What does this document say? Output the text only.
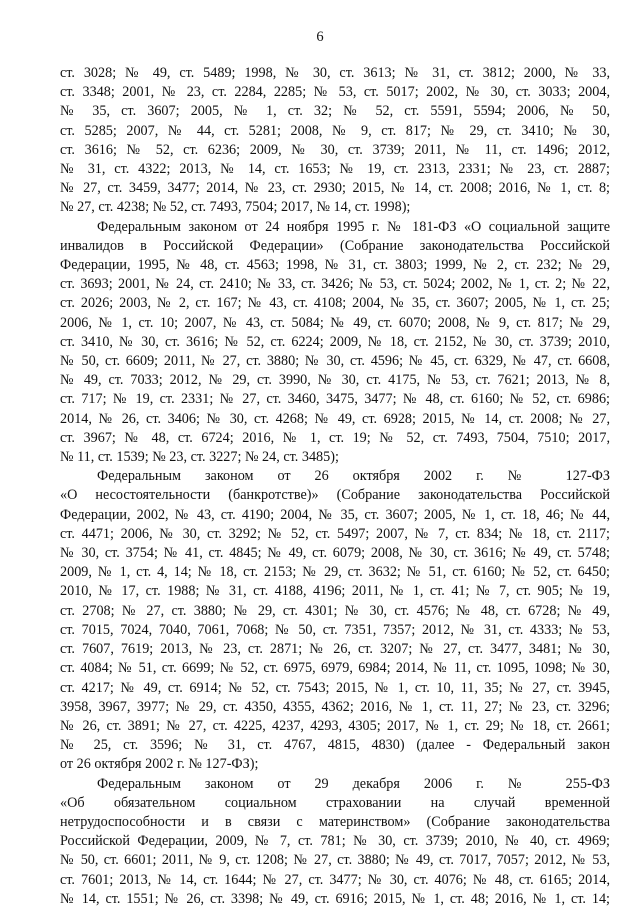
6
ст. 3028; № 49, ст. 5489; 1998, № 30, ст. 3613; № 31, ст. 3812; 2000, № 33,
ст. 3348; 2001, № 23, ст. 2284, 2285; № 53, ст. 5017; 2002, № 30, ст. 3033; 2004,
№ 35, ст. 3607; 2005, № 1, ст. 32; № 52, ст. 5591, 5594; 2006, № 50,
ст. 5285; 2007, № 44, ст. 5281; 2008, № 9, ст. 817; № 29, ст. 3410; № 30,
ст. 3616; № 52, ст. 6236; 2009, № 30, ст. 3739; 2011, № 11, ст. 1496; 2012,
№ 31, ст. 4322; 2013, № 14, ст. 1653; № 19, ст. 2313, 2331; № 23, ст. 2887;
№ 27, ст. 3459, 3477; 2014, № 23, ст. 2930; 2015, № 14, ст. 2008; 2016, № 1, ст. 8;
№ 27, ст. 4238; № 52, ст. 7493, 7504; 2017, № 14, ст. 1998);
Федеральным законом от 24 ноября 1995 г. № 181-ФЗ «О социальной защите
инвалидов в Российской Федерации» (Собрание законодательства Российской
Федерации, 1995, № 48, ст. 4563; 1998, № 31, ст. 3803; 1999, № 2, ст. 232; № 29,
ст. 3693; 2001, № 24, ст. 2410; № 33, ст. 3426; № 53, ст. 5024; 2002, № 1, ст. 2; № 22,
ст. 2026; 2003, № 2, ст. 167; № 43, ст. 4108; 2004, № 35, ст. 3607; 2005, № 1, ст. 25;
2006, № 1, ст. 10; 2007, № 43, ст. 5084; № 49, ст. 6070; 2008, № 9, ст. 817; № 29,
ст. 3410, № 30, ст. 3616; № 52, ст. 6224; 2009, № 18, ст. 2152, № 30, ст. 3739; 2010,
№ 50, ст. 6609; 2011, № 27, ст. 3880; № 30, ст. 4596; № 45, ст. 6329, № 47, ст. 6608,
№ 49, ст. 7033; 2012, № 29, ст. 3990, № 30, ст. 4175, № 53, ст. 7621; 2013, № 8,
ст. 717; № 19, ст. 2331; № 27, ст. 3460, 3475, 3477; № 48, ст. 6160; № 52, ст. 6986;
2014, № 26, ст. 3406; № 30, ст. 4268; № 49, ст. 6928; 2015, № 14, ст. 2008; № 27,
ст. 3967; № 48, ст. 6724; 2016, № 1, ст. 19; № 52, ст. 7493, 7504, 7510; 2017,
№ 11, ст. 1539; № 23, ст. 3227; № 24, ст. 3485);
Федеральным законом от 26 октября 2002 г. № 127-ФЗ
«О несостоятельности (банкротстве)» (Собрание законодательства Российской
Федерации, 2002, № 43, ст. 4190; 2004, № 35, ст. 3607; 2005, № 1, ст. 18, 46; № 44,
ст. 4471; 2006, № 30, ст. 3292; № 52, ст. 5497; 2007, № 7, ст. 834; № 18, ст. 2117;
№ 30, ст. 3754; № 41, ст. 4845; № 49, ст. 6079; 2008, № 30, ст. 3616; № 49, ст. 5748;
2009, № 1, ст. 4, 14; № 18, ст. 2153; № 29, ст. 3632; № 51, ст. 6160; № 52, ст. 6450;
2010, № 17, ст. 1988; № 31, ст. 4188, 4196; 2011, № 1, ст. 41; № 7, ст. 905; № 19,
ст. 2708; № 27, ст. 3880; № 29, ст. 4301; № 30, ст. 4576; № 48, ст. 6728; № 49,
ст. 7015, 7024, 7040, 7061, 7068; № 50, ст. 7351, 7357; 2012, № 31, ст. 4333; № 53,
ст. 7607, 7619; 2013, № 23, ст. 2871; № 26, ст. 3207; № 27, ст. 3477, 3481; № 30,
ст. 4084; № 51, ст. 6699; № 52, ст. 6975, 6979, 6984; 2014, № 11, ст. 1095, 1098; № 30,
ст. 4217; № 49, ст. 6914; № 52, ст. 7543; 2015, № 1, ст. 10, 11, 35; № 27, ст. 3945,
3958, 3967, 3977; № 29, ст. 4350, 4355, 4362; 2016, № 1, ст. 11, 27; № 23, ст. 3296;
№ 26, ст. 3891; № 27, ст. 4225, 4237, 4293, 4305; 2017, № 1, ст. 29; № 18, ст. 2661;
№ 25, ст. 3596; № 31, ст. 4767, 4815, 4830) (далее - Федеральный закон
от 26 октября 2002 г. № 127-ФЗ);
Федеральным законом от 29 декабря 2006 г. № 255-ФЗ
«Об обязательном социальном страховании на случай временной
нетрудоспособности и в связи с материнством» (Собрание законодательства
Российской Федерации, 2009, № 7, ст. 781; № 30, ст. 3739; 2010, № 40, ст. 4969;
№ 50, ст. 6601; 2011, № 9, ст. 1208; № 27, ст. 3880; № 49, ст. 7017, 7057; 2012, № 53,
ст. 7601; 2013, № 14, ст. 1644; № 27, ст. 3477; № 30, ст. 4076; № 48, ст. 6165; 2014,
№ 14, ст. 1551; № 26, ст. 3398; № 49, ст. 6916; 2015, № 1, ст. 48; 2016, № 1, ст. 14;
